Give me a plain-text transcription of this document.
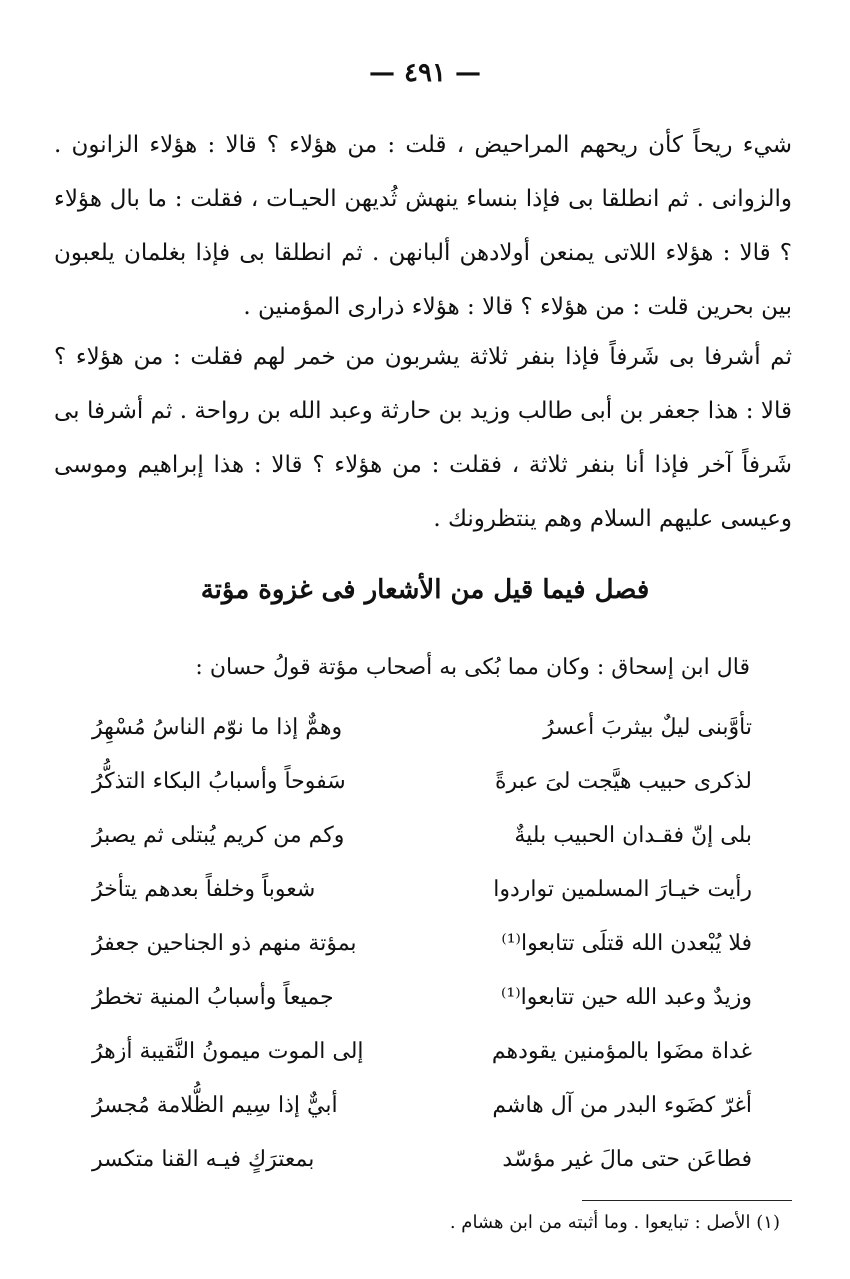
— ٤٩١ —

شيء ريحاً كأن ريحهم المراحيض ، قلت : من هؤلاء ؟ قالا : هؤلاء الزانون . والزوانى . ثم انطلقا بى فإذا بنساء ينهش ثُديهن الحيـات ، فقلت : ما بال هؤلاء ؟ قالا : هؤلاء اللاتى يمنعن أولادهن ألبانهن . ثم انطلقا بى فإذا بغلمان يلعبون بين بحرين قلت : من هؤلاء ؟ قالا : هؤلاء ذرارى المؤمنين .

ثم أشرفا بى شَرفاً فإذا بنفر ثلاثة يشربون من خمر لهم فقلت : من هؤلاء ؟ قالا : هذا جعفر بن أبى طالب وزيد بن حارثة وعبد الله بن رواحة . ثم أشرفا بى شَرفاً آخر فإذا أنا بنفر ثلاثة ، فقلت : من هؤلاء ؟ قالا : هذا إبراهيم وموسى وعيسى عليهم السلام وهم ينتظرونك .

فصل فيما قيل من الأشعار فى غزوة مؤتة

قال ابن إسحاق : وكان مما بُكى به أصحاب مؤتة قولُ حسان :

تأوَّبنى ليلٌ بيثربَ أعسرُ
وهمٌّ إذا ما نوّم الناسُ مُسْهِرُ
لذكرى حبيب هيَّجت لىَ عبرةً
سَفوحاً وأسبابُ البكاء التذكُّرُ
بلى إنّ فقـدان الحبيب بليةٌ
وكم من كريم يُبتلى ثم يصبرُ
رأيت خيـارَ المسلمين تواردوا
شعوباً وخلفاً بعدهم يتأخرُ
فلا يُبْعدن الله قتلَى تتابعوا⁽¹⁾
بمؤتة منهم ذو الجناحين جعفرُ
وزيدٌ وعبد الله حين تتابعوا⁽¹⁾
جميعاً وأسبابُ المنية تخطرُ
غداة مضَوا بالمؤمنين يقودهم
إلى الموت ميمونُ النَّقيبة أزهرُ
أغرّ كضَوء البدر من آل هاشم
أبيٌّ إذا سِيم الظُّلامة مُجسرُ
فطاعَن حتى مالَ غير مؤسّد
بمعترَكٍ فيـه القنا متكسر

(١) الأصل : تبايعوا . وما أثبته من ابن هشام .
